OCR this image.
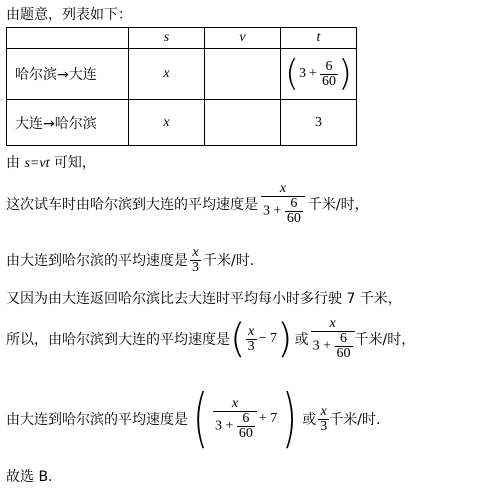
由题意，列表如下：
	s	v	t
哈尔滨→大连	x		($3 + \frac{6}{60}$ )
大连→哈尔滨	x		3
由 s=vt 可知，
这次试车时由哈尔滨到大连的平均速度是 $\frac{x}{3 + \frac{6}{60}}$ 千米/时，
由大连到哈尔滨的平均速度是 $\frac{x}{3}$ 千米/时.
又因为由大连返回哈尔滨比去大连时平均每小时多行驶 7 千米，
所以，由哈尔滨到大连的平均速度是 ( $\frac{x}{3} - 7$ ) 或 $\frac{x}{3 + \frac{6}{60}}$ 千米/时，
由大连到哈尔滨的平均速度是 ( $\frac{x}{3 + \frac{6}{60}} + 7$ ) 或 $\frac{x}{3}$ 千米/时.
故选 B.
